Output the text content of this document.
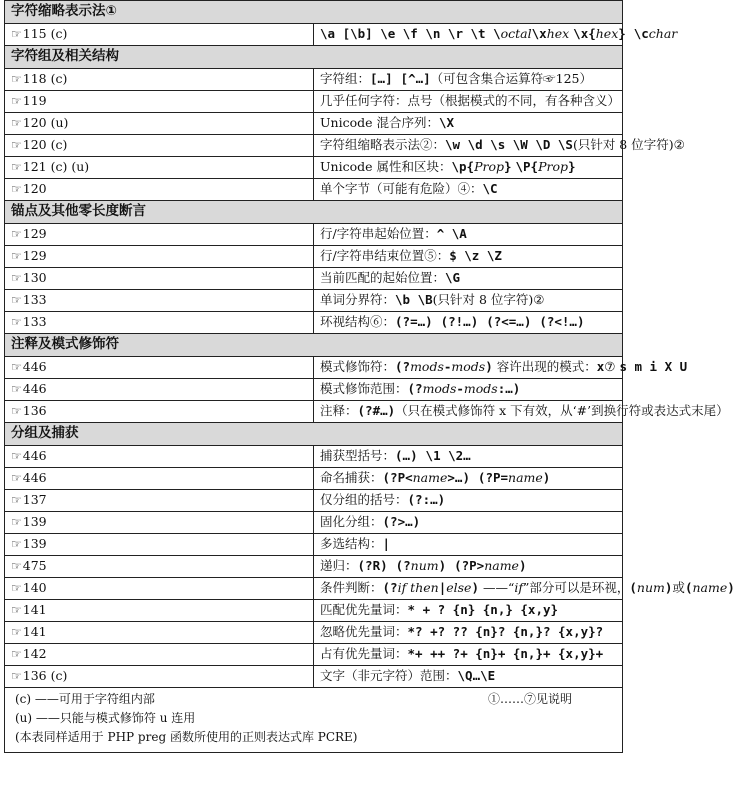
字符缩略表示法①	
☞115 (c)	\a [\b] \e \f \n \r \t \octal\xhex \x{hex} \cchar
字符组及相关结构	
☞118 (c)	字符组：[…] [^…]（可包含集合运算符☞125）
☞119	几乎任何字符：点号（根据模式的不同，有各种含义）
☞120 (u)	Unicode 混合序列：\X
☞120 (c)	字符组缩略表示法②：\w \d \s \W \D \S(只针对 8 位字符)②
☞121 (c) (u)	Unicode 属性和区块：\p{Prop} \P{Prop}
☞120	单个字节（可能有危险）④：\C
锚点及其他零长度断言	
☞129	行/字符串起始位置：^ \A
☞129	行/字符串结束位置⑤：$ \z \Z
☞130	当前匹配的起始位置：\G
☞133	单词分界符：\b \B(只针对 8 位字符)②
☞133	环视结构⑥：(?=…) (?!…) (?<=…) (?<!…)
注释及模式修饰符	
☞446	模式修饰符：(?mods-mods) 容许出现的模式：x⑦ s m i X U
☞446	模式修饰范围：(?mods-mods:…)
☞136	注释：(?#…)（只在模式修饰符 x 下有效，从‘#’到换行符或表达式末尾）
分组及捕获	
☞446	捕获型括号：(…) \1 \2…
☞446	命名捕获：(?P<name>…) (?P=name)
☞137	仅分组的括号：(?:…)
☞139	固化分组：(?>…)
☞139	多选结构：|
☞475	递归：(?R) (?num) (?P>name)
☞140	条件判断：(?if then|else) ——“if”部分可以是环视，(num)或(name)
☞141	匹配优先量词：* + ? {n} {n,} {x,y}
☞141	忽略优先量词：*? +? ?? {n}? {n,}? {x,y}?
☞142	占有优先量词：*+ ++ ?+ {n}+ {n,}+ {x,y}+
☞136 (c)	文字（非元字符）范围：\Q…\E
(c) ——可用于字符组内部	①……⑦见说明
(u) ——只能与模式修饰符 u 连用
(本表同样适用于 PHP preg 函数所使用的正则表达式库 PCRE)
